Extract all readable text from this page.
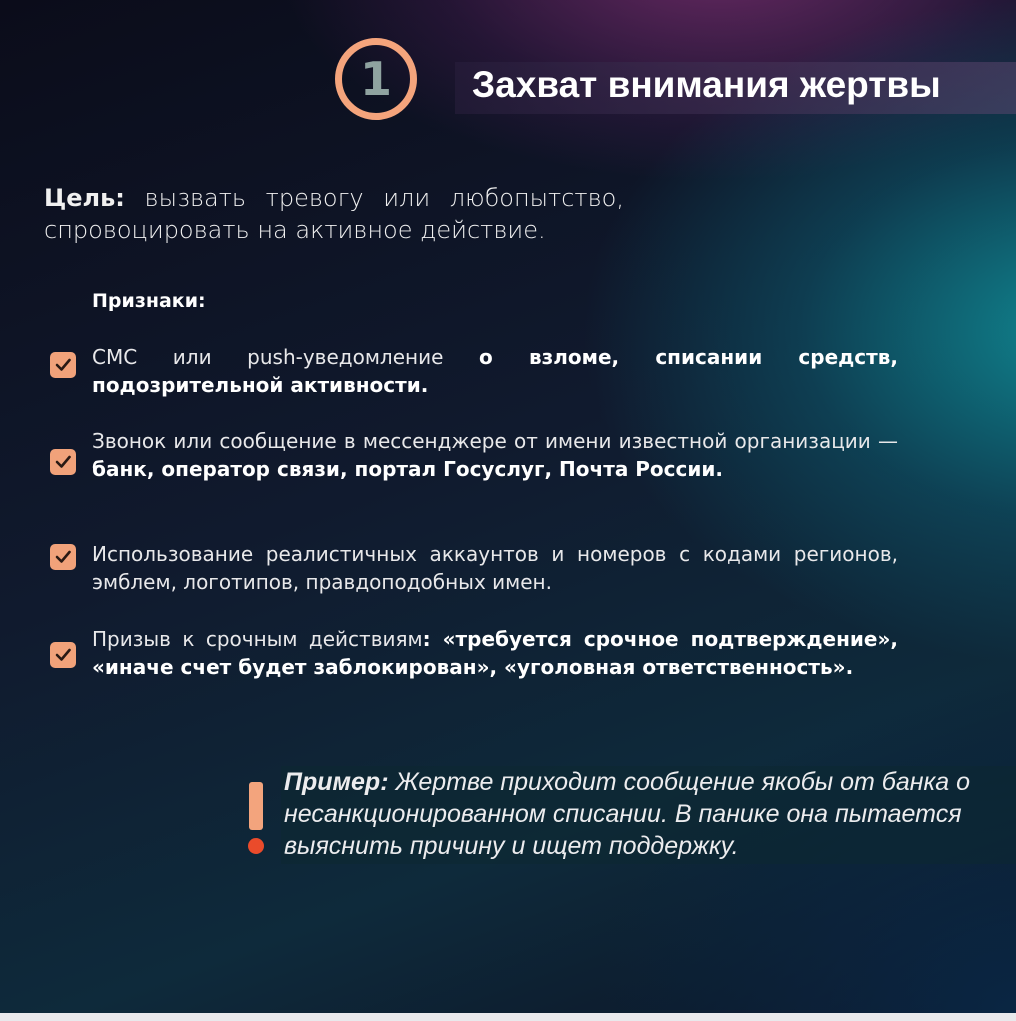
1	Захват внимания жертвы
Цель: вызвать тревогу или любопытство,
спровоцировать на активное действие.
Признаки:
СМС или push-уведомление о взломе, списании средств, подозрительной активности.
Звонок или сообщение в мессенджере от имени известной организации — банк, оператор связи, портал Госуслуг, Почта России.
Использование реалистичных аккаунтов и номеров с кодами регионов, эмблем, логотипов, правдоподобных имен.
Призыв к срочным действиям: «требуется срочное подтверждение», «иначе счет будет заблокирован», «уголовная ответственность».
Пример: Жертве приходит сообщение якобы от банка о несанкционированном списании. В панике она пытается выяснить причину и ищет поддержку.
